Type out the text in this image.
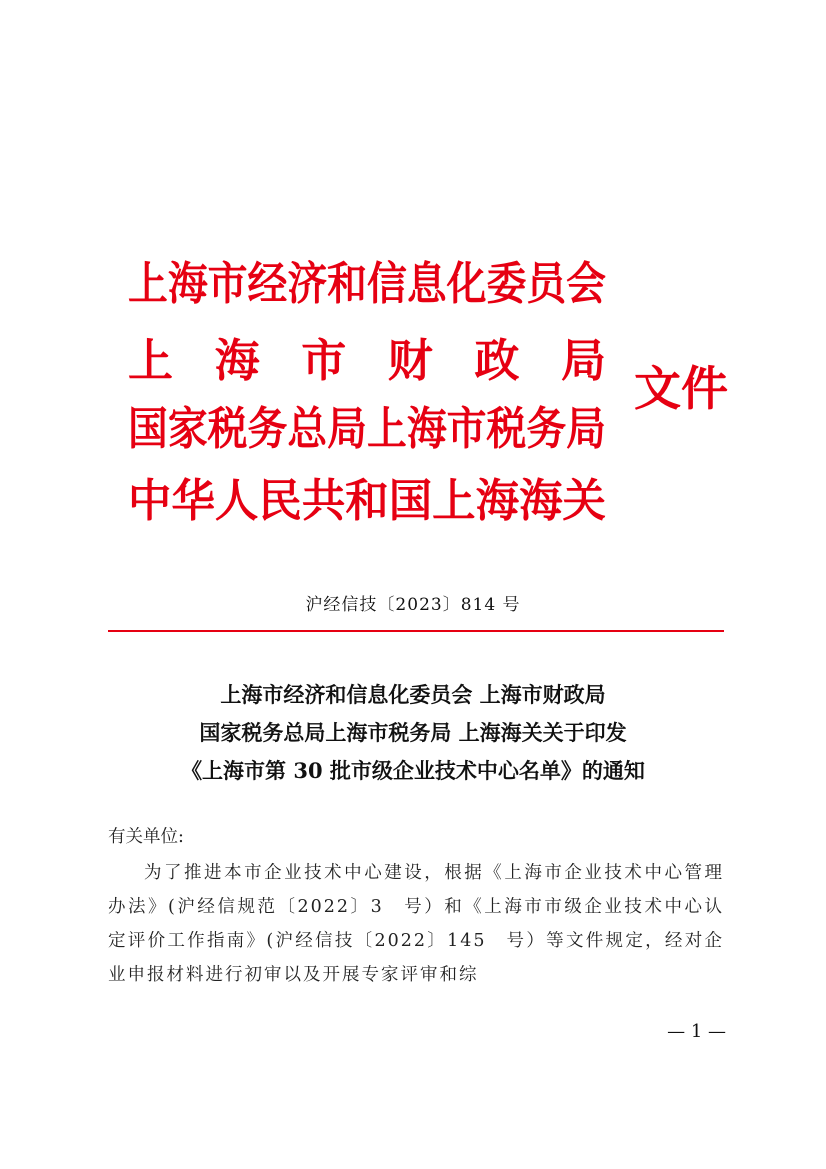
上海市经济和信息化委员会
上 海 市 财 政 局
国家税务总局上海市税务局
中华人民共和国上海海关
文件
沪经信技〔2023〕814 号
上海市经济和信息化委员会 上海市财政局
国家税务总局上海市税务局 上海海关关于印发
《上海市第 30 批市级企业技术中心名单》的通知
有关单位:
为了推进本市企业技术中心建设，根据《上海市企业技术中心管理办法》(沪经信规范〔2022〕3　号）和《上海市市级企业技术中心认定评价工作指南》(沪经信技〔2022〕145　号）等文件规定，经对企业申报材料进行初审以及开展专家评审和综
— 1 —
